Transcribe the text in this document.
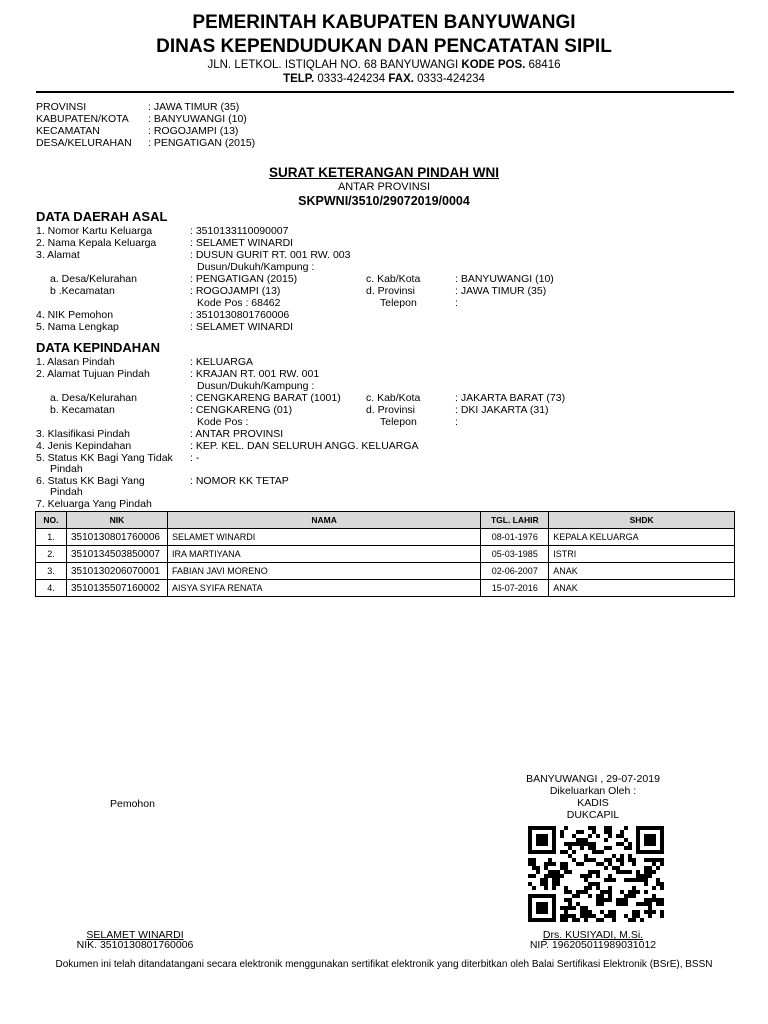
PEMERINTAH KABUPATEN BANYUWANGI
DINAS KEPENDUDUKAN DAN PENCATATAN SIPIL
JLN. LETKOL. ISTIQLAH NO. 68 BANYUWANGI KODE POS. 68416
TELP. 0333-424234 FAX. 0333-424234
PROVINSI	: JAWA TIMUR (35)
KABUPATEN/KOTA : BANYUWANGI (10)
KECAMATAN	: ROGOJAMPI (13)
DESA/KELURAHAN : PENGATIGAN (2015)
SURAT KETERANGAN PINDAH WNI
ANTAR PROVINSI
SKPWNI/3510/29072019/0004
DATA DAERAH ASAL
1. Nomor Kartu Keluarga	: 3510133110090007
2. Nama Kepala Keluarga	: SELAMET WINARDI
3. Alamat	: DUSUN GURIT RT. 001 RW. 003
Dusun/Dukuh/Kampung :
a. Desa/Kelurahan	: PENGATIGAN (2015)	c. Kab/Kota	: BANYUWANGI (10)
b .Kecamatan	: ROGOJAMPI (13)	d. Provinsi	: JAWA TIMUR (35)
Kode Pos : 68462	Telepon	:
4. NIK Pemohon	: 3510130801760006
5. Nama Lengkap	: SELAMET WINARDI
DATA KEPINDAHAN
1. Alasan Pindah	: KELUARGA
2. Alamat Tujuan Pindah	: KRAJAN RT. 001 RW. 001
Dusun/Dukuh/Kampung :
a. Desa/Kelurahan	: CENGKARENG BARAT (1001) c. Kab/Kota	: JAKARTA BARAT (73)
b. Kecamatan	: CENGKARENG (01)	d. Provinsi	: DKI JAKARTA (31)
Kode Pos :	Telepon	:
3. Klasifikasi Pindah	: ANTAR PROVINSI
4. Jenis Kepindahan	: KEP. KEL. DAN SELURUH ANGG. KELUARGA
5. Status KK Bagi Yang Tidak
Pindah
: -
6. Status KK Bagi Yang
Pindah
: NOMOR KK TETAP
7. Keluarga Yang Pindah
NO.	NIK	NAMA	TGL. LAHIR	SHDK
1.	3510130801760006	SELAMET WINARDI	08-01-1976	KEPALA KELUARGA
2.	3510134503850007	IRA MARTIYANA	05-03-1985	ISTRI
3.	3510130206070001	FABIAN JAVI MORENO	02-06-2007	ANAK
4.	3510135507160002	AISYA SYIFA RENATA	15-07-2016	ANAK
BANYUWANGI , 29-07-2019
Dikeluarkan Oleh :
KADIS
DUKCAPIL
Pemohon
SELAMET WINARDI
NIK. 3510130801760006
Drs. KUSIYADI, M.Si.
NIP. 196205011989031012
Dokumen ini telah ditandatangani secara elektronik menggunakan sertifikat elektronik yang diterbitkan oleh Balai Sertifikasi Elektronik (BSrE), BSSN
